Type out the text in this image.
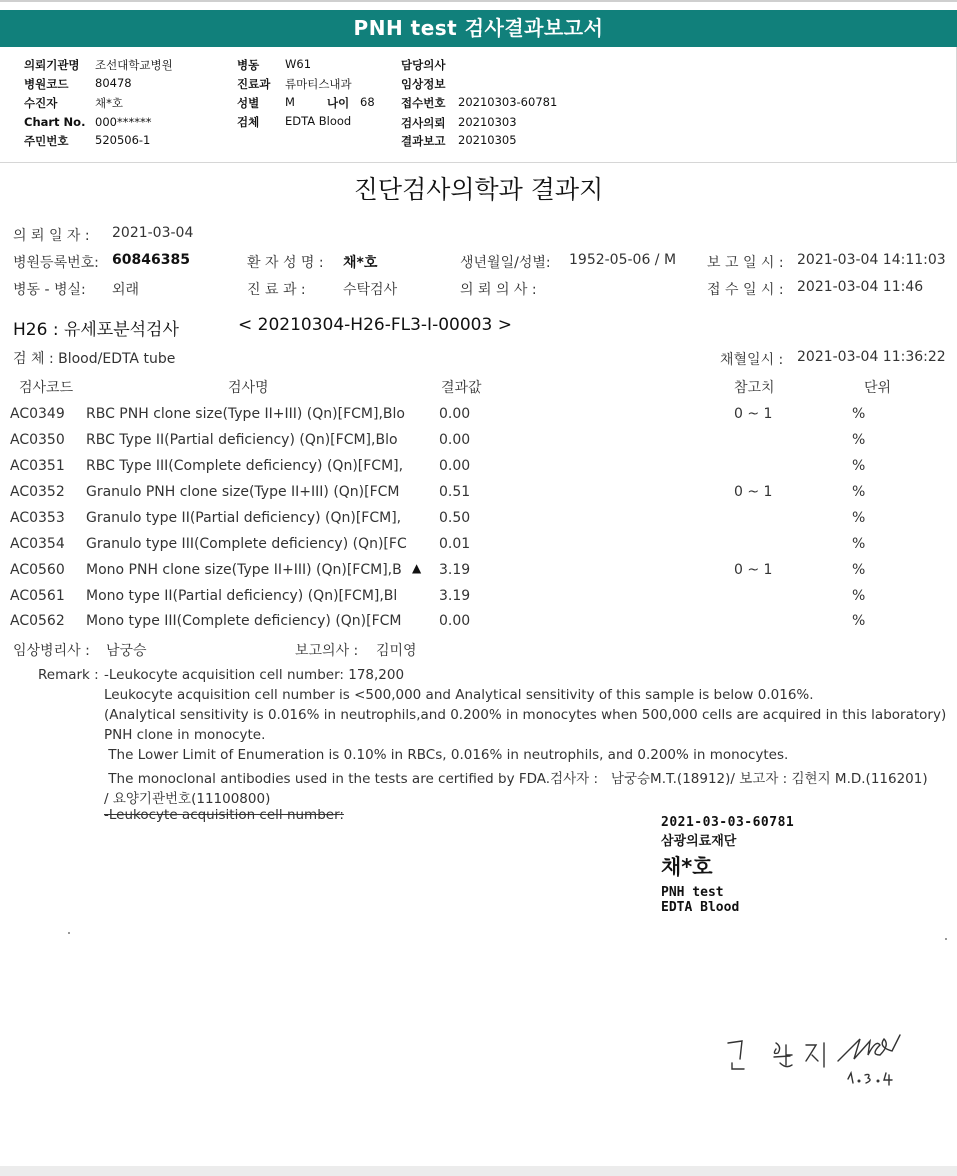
PNH test 검사결과보고서
의뢰기관명 조선대학교병원
병원코드 80478
수진자	채*호
Chart No. 000******
주민번호 520506-1
병동 W61
진료과 류마티스내과
성별 M	나이 68
검체 EDTA Blood
담당의사
임상정보
접수번호 20210303-60781
검사의뢰 20210303
결과보고 20210305
진단검사의학과 결과지
의 뢰 일 자 : 2021-03-04
병원등록번호: 60846385	환 자 성 명 : 채*호	생년월일/성별: 1952-05-06 / M 보 고 일 시 : 2021-03-04 14:11:03
병동 - 병실: 외래	진 료 과 :	수탁검사	의 뢰 의 사 :	접 수 일 시 : 2021-03-04 11:46
H26 : 유세포분석검사	< 20210304-H26-FL3-I-00003 >
검 체 : Blood/EDTA tube	채혈일시 : 2021-03-04 11:36:22
검사코드	검사명	결과값	참고치	단위
AC0349 RBC PNH clone size(Type II+III) (Qn)[FCM],Blo 0.00	0 ~ 1	%
AC0350 RBC Type II(Partial deficiency) (Qn)[FCM],Blo	0.00	%
AC0351 RBC Type III(Complete deficiency) (Qn)[FCM],	0.00	%
AC0352 Granulo PNH clone size(Type II+III) (Qn)[FCM	0.51	0 ~ 1	%
AC0353 Granulo type II(Partial deficiency) (Qn)[FCM],	0.50	%
AC0354 Granulo type III(Complete deficiency) (Qn)[FC 0.01	%
AC0560 Mono PNH clone size(Type II+III) (Qn)[FCM],B ▲ 3.19	0 ~ 1	%
AC0561 Mono type II(Partial deficiency) (Qn)[FCM],Bl	3.19	%
AC0562 Mono type III(Complete deficiency) (Qn)[FCM	0.00	%
임상병리사 : 남궁승	보고의사 : 김미영
Remark : -Leukocyte acquisition cell number: 178,200
Leukocyte acquisition cell number is <500,000 and Analytical sensitivity of this sample is below 0.016%.
(Analytical sensitivity is 0.016% in neutrophils,and 0.200% in monocytes when 500,000 cells are acquired in this laboratory)
PNH clone in monocyte.
The Lower Limit of Enumeration is 0.10% in RBCs, 0.016% in neutrophils, and 0.200% in monocytes.
The monoclonal antibodies used in the tests are certified by FDA.검사자 :   남궁승M.T.(18912)/ 보고자 : 김현지 M.D.(116201)
/ 요양기관번호(11100800)
-Leukocyte acquisition cell number:	2021-03-03-60781
삼광의료재단
채*호
PNH test
EDTA Blood
